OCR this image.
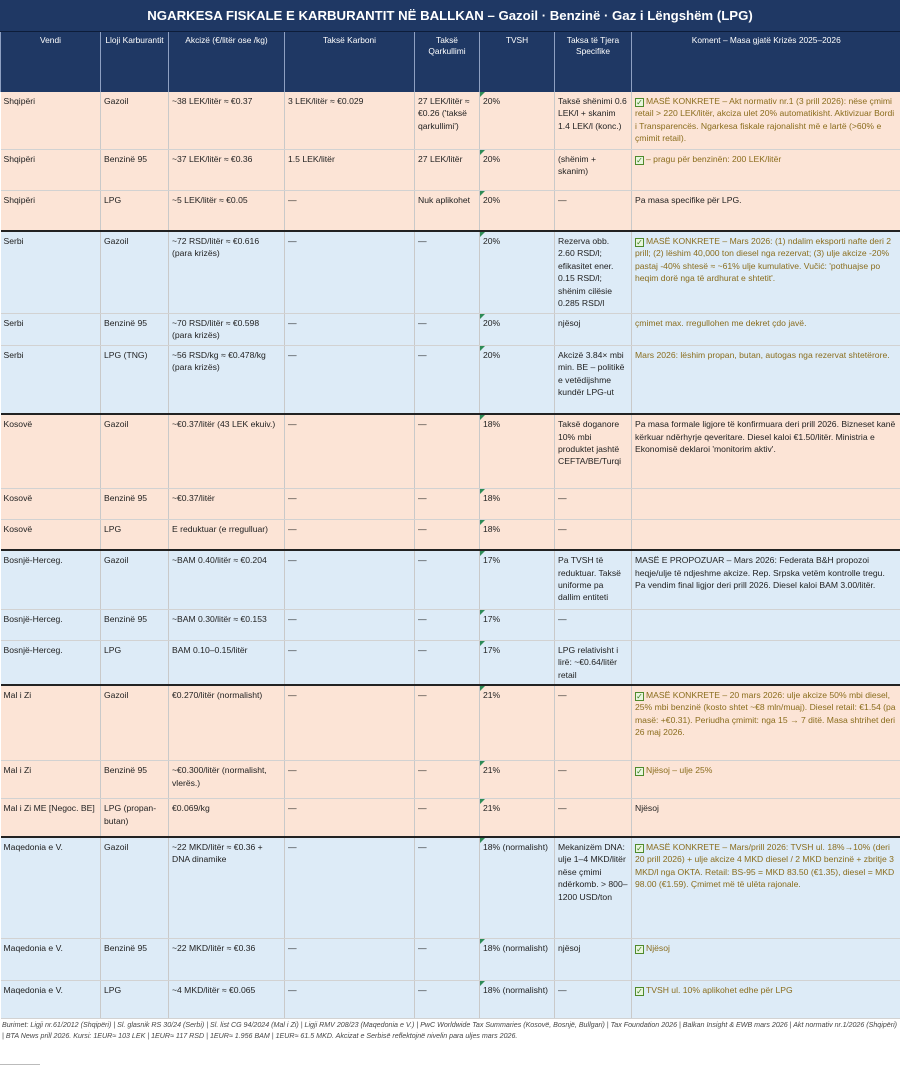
NGARKESA FISKALE E KARBURANTIT NË BALLKAN – Gazoil · Benzinë · Gaz i Lëngshëm (LPG)
Vendi	Lloji Karburantit	Akcizë (€/litër ose /kg)	Taksë Karboni	Taksë Qarkullimi	TVSH	Taksa të Tjera Specifike	Koment – Masa gjatë Krizës 2025–2026
Shqipëri	Gazoil	~38 LEK/litër ≈ €0.37	3 LEK/litër ≈ €0.029	27 LEK/litër ≈ €0.26 ('taksë qarkullimi')	20%	Taksë shënimi 0.6 LEK/l + skanim 1.4 LEK/l (konc.)	✓ MASË KONKRETE – Akt normativ nr.1 (3 prill 2026): nëse çmimi retail > 220 LEK/litër, akciza ulet 20% automatikisht. Aktivizuar Bordi i Transparencës. Ngarkesa fiskale rajonalisht më e lartë (>60% e çmimit retail).
Shqipëri	Benzinë 95	~37 LEK/litër ≈ €0.36	1.5 LEK/litër	27 LEK/litër	20%	(shënim + skanim)	✓ – pragu për benzinën: 200 LEK/litër
Shqipëri	LPG	~5 LEK/litër ≈ €0.05	—	Nuk aplikohet	20%	—	Pa masa specifike për LPG.
Serbi	Gazoil	~72 RSD/litër ≈ €0.616 (para krizës)	—	—	20%	Rezerva obb. 2.60 RSD/l; efikasitet ener. 0.15 RSD/l; shënim cilësie 0.285 RSD/l	✓ MASË KONKRETE – Mars 2026: (1) ndalim eksporti nafte deri 2 prill; (2) lëshim 40,000 ton diesel nga rezervat; (3) ulje akcize -20% pastaj -40% shtesë ≈ ~61% ulje kumulative. Vučić: 'pothuajse po heqim dorë nga të ardhurat e shtetit'.
Serbi	Benzinë 95	~70 RSD/litër ≈ €0.598 (para krizës)	—	—	20%	njësoj	çmimet max. rregullohen me dekret çdo javë.
Serbi	LPG (TNG)	~56 RSD/kg ≈ €0.478/kg (para krizës)	—	—	20%	Akcizë 3.84× mbi min. BE – politikë e vetëdijshme kundër LPG-ut	Mars 2026: lëshim propan, butan, autogas nga rezervat shtetërore.
Kosovë	Gazoil	~€0.37/litër (43 LEK ekuiv.)	—	—	18%	Taksë doganore 10% mbi produktet jashtë CEFTA/BE/Turqi	Pa masa formale ligjore të konfirmuara deri prill 2026. Bizneset kanë kërkuar ndërhyrje qeveritare. Diesel kaloi €1.50/litër. Ministria e Ekonomisë deklaroi 'monitorim aktiv'.
Kosovë	Benzinë 95	~€0.37/litër	—	—	18%	—	
Kosovë	LPG	E reduktuar (e rregulluar)	—	—	18%	—	
Bosnjë-Herceg.	Gazoil	~BAM 0.40/litër ≈ €0.204	—	—	17%	Pa TVSH të reduktuar. Taksë uniforme pa dallim entiteti	MASË E PROPOZUAR – Mars 2026: Federata B&H propozoi heqje/ulje të ndjeshme akcize. Rep. Srpska vetëm kontrolle tregu. Pa vendim final ligjor deri prill 2026. Diesel kaloi BAM 3.00/litër.
Bosnjë-Herceg.	Benzinë 95	~BAM 0.30/litër ≈ €0.153	—	—	17%	—	
Bosnjë-Herceg.	LPG	BAM 0.10–0.15/litër	—	—	17%	LPG relativisht i lirë: ~€0.64/litër retail	
Mal i Zi	Gazoil	€0.270/litër (normalisht)	—	—	21%	—	✓ MASË KONKRETE – 20 mars 2026: ulje akcize 50% mbi diesel, 25% mbi benzinë (kosto shtet ~€8 mln/muaj). Diesel retail: €1.54 (pa masë: +€0.31). Periudha çmimit: nga 15 → 7 ditë. Masa shtrihet deri 26 maj 2026.
Mal i Zi	Benzinë 95	~€0.300/litër (normalisht, vlerës.)	—	—	21%	—	✓ Njësoj – ulje 25%
Mal i Zi ME [Negoc. BE]	LPG (propan-butan)	€0.069/kg	—	—	21%	—	Njësoj
Maqedonia e V.	Gazoil	~22 MKD/litër ≈ €0.36 + DNA dinamike	—	—	18% (normalisht)	Mekanizëm DNA: ulje 1–4 MKD/litër nëse çmimi ndërkomb. > 800–1200 USD/ton	✓ MASË KONKRETE – Mars/prill 2026: TVSH ul. 18%→10% (deri 20 prill 2026) + ulje akcize 4 MKD diesel / 2 MKD benzinë + zbritje 3 MKD/l nga OKTA. Retail: BS-95 = MKD 83.50 (€1.35), diesel = MKD 98.00 (€1.59). Çmimet më të ulëta rajonale.
Maqedonia e V.	Benzinë 95	~22 MKD/litër ≈ €0.36	—	—	18% (normalisht)	njësoj	✓ Njësoj
Maqedonia e V.	LPG	~4 MKD/litër ≈ €0.065	—	—	18% (normalisht)	—	✓ TVSH ul. 10% aplikohet edhe për LPG
Burimet: Ligji nr.61/2012 (Shqipëri) | Sl. glasnik RS 30/24 (Serbi) | Sl. list CG 94/2024 (Mal i Zi) | Ligji RMV 208/23 (Maqedonia e V.) | PwC Worldwide Tax Summaries (Kosovë, Bosnjë, Bullgari) | Tax Foundation 2026 | Balkan Insight & EWB mars 2026 | Akt normativ nr.1/2026 (Shqipëri) | BTA News prill 2026. Kursi: 1EUR≈ 103 LEK | 1EUR≈ 117 RSD | 1EUR≈ 1.956 BAM | 1EUR≈ 61.5 MKD. Akcizat e Serbisë reflektojnë nivelin para uljes mars 2026.
